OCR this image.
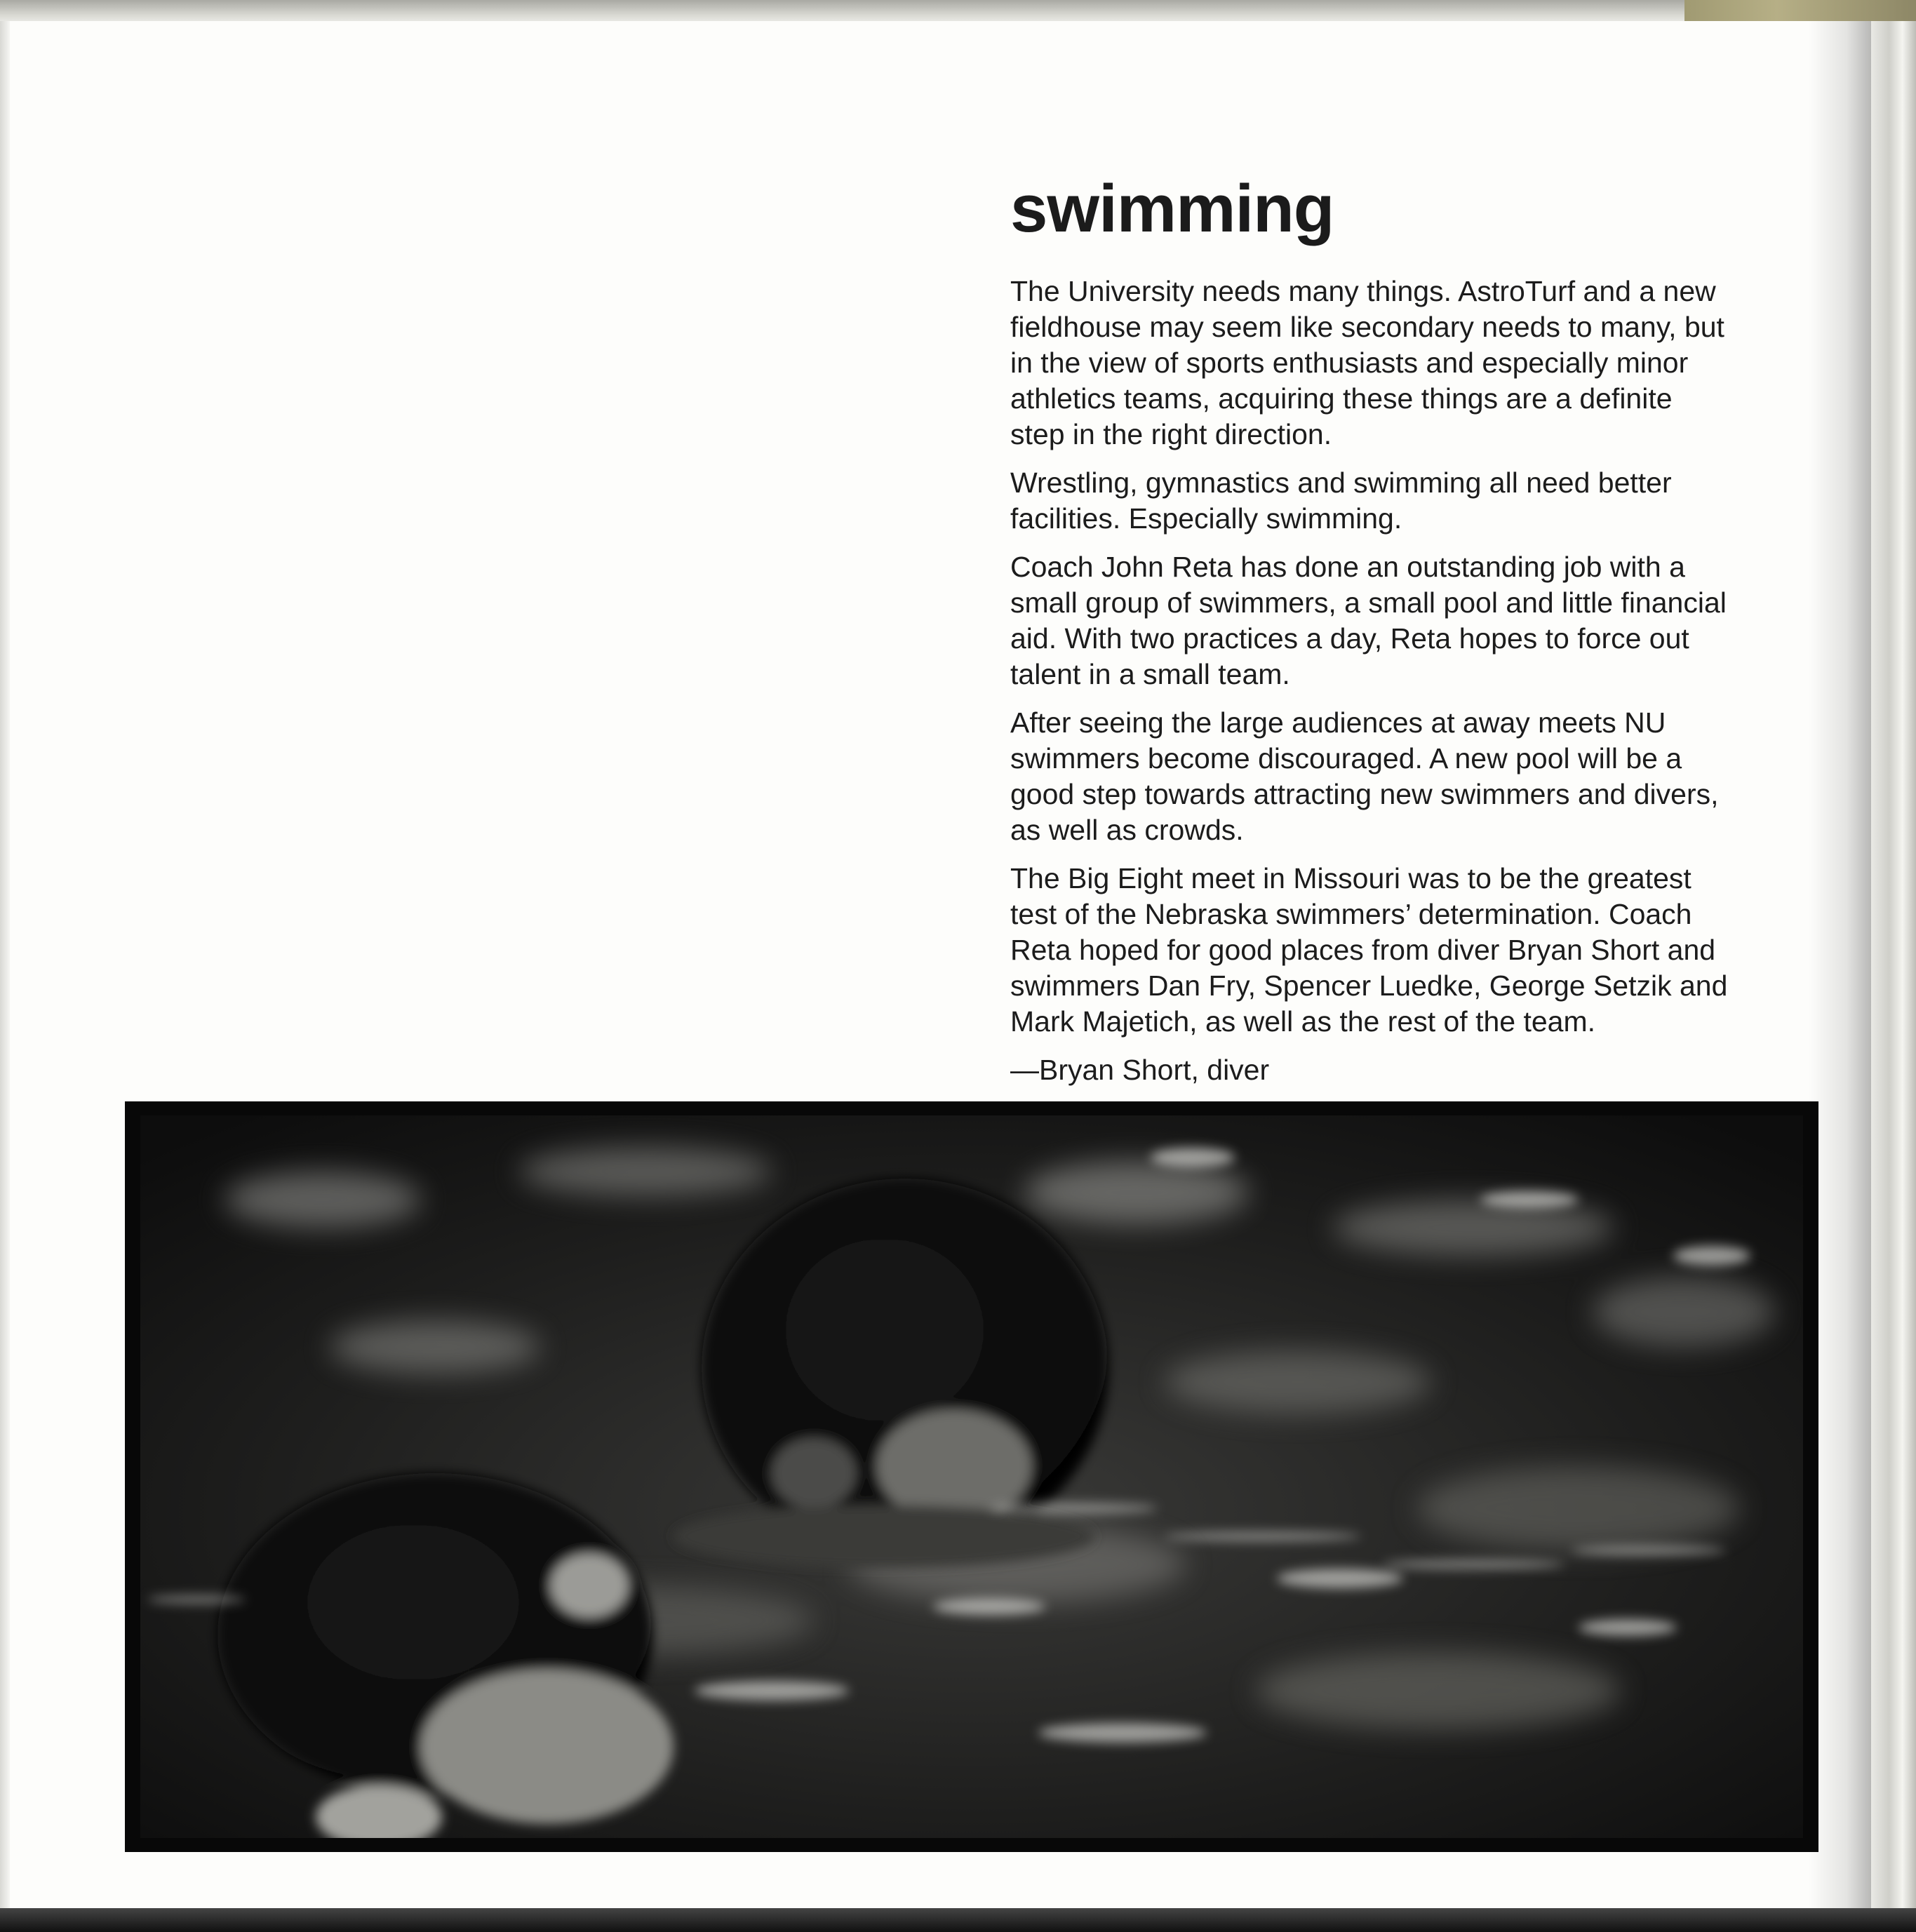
swimming

The University needs many things. AstroTurf and a new
fieldhouse may seem like secondary needs to many, but
in the view of sports enthusiasts and especially minor
athletics teams, acquiring these things are a definite
step in the right direction.

Wrestling, gymnastics and swimming all need better
facilities. Especially swimming.

Coach John Reta has done an outstanding job with a
small group of swimmers, a small pool and little financial
aid. With two practices a day, Reta hopes to force out
talent in a small team.

After seeing the large audiences at away meets NU
swimmers become discouraged. A new pool will be a
good step towards attracting new swimmers and divers,
as well as crowds.

The Big Eight meet in Missouri was to be the greatest
test of the Nebraska swimmers’ determination. Coach
Reta hoped for good places from diver Bryan Short and
swimmers Dan Fry, Spencer Luedke, George Setzik and
Mark Majetich, as well as the rest of the team.

—Bryan Short, diver
